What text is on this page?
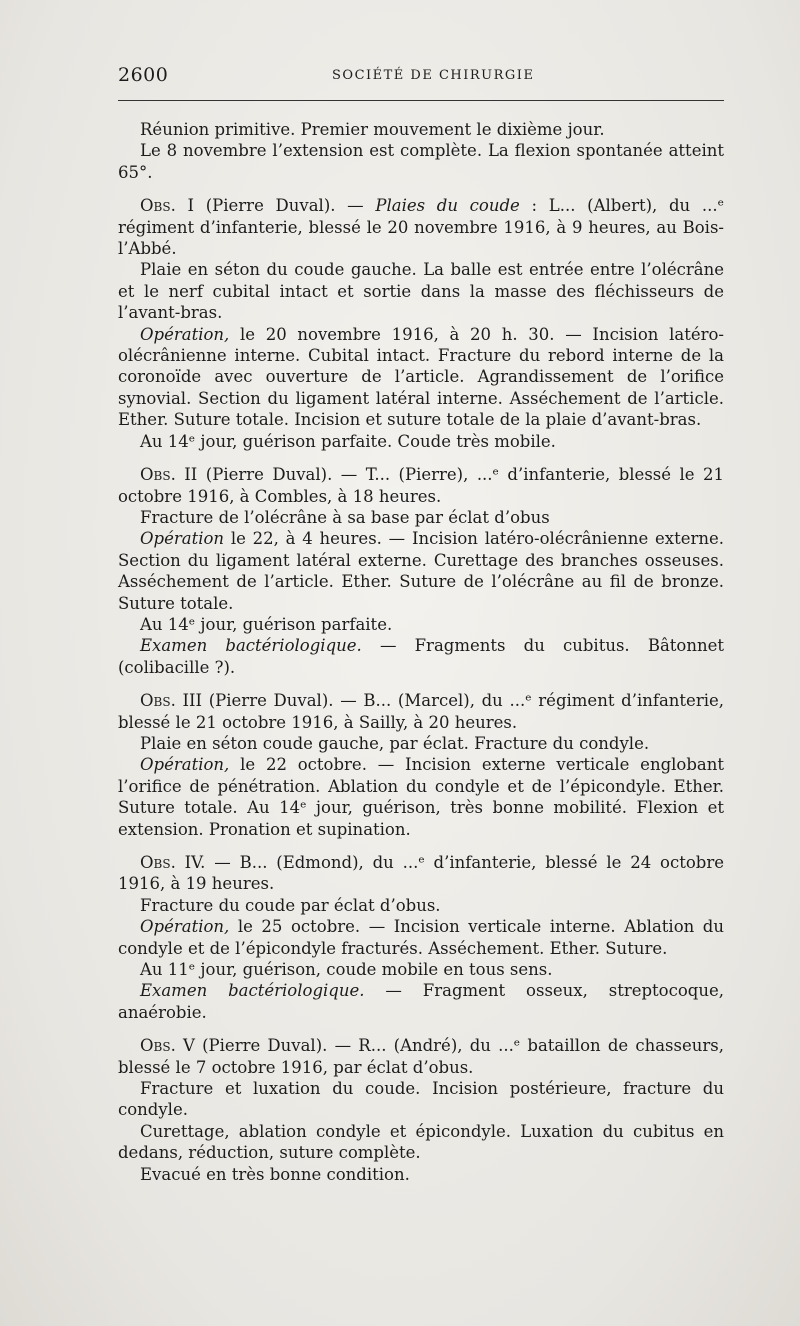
2600	SOCIÉTÉ DE CHIRURGIE

Réunion primitive. Premier mouvement le dixième jour.

Le 8 novembre l’extension est complète. La flexion spontanée atteint 65°.

Obs. I (Pierre Duval). — Plaies du coude : L... (Albert), du ...ᵉ régiment d’infanterie, blessé le 20 novembre 1916, à 9 heures, au Bois-l’Abbé.

Plaie en séton du coude gauche. La balle est entrée entre l’olécrâne et le nerf cubital intact et sortie dans la masse des fléchisseurs de l’avant-bras.

Opération, le 20 novembre 1916, à 20 h. 30. — Incision latéro-olécrânienne interne. Cubital intact. Fracture du rebord interne de la coronoïde avec ouverture de l’article. Agrandissement de l’orifice synovial. Section du ligament latéral interne. Asséchement de l’article. Ether. Suture totale. Incision et suture totale de la plaie d’avant-bras.

Au 14ᵉ jour, guérison parfaite. Coude très mobile.

Obs. II (Pierre Duval). — T... (Pierre), ...ᵉ d’infanterie, blessé le 21 octobre 1916, à Combles, à 18 heures.

Fracture de l’olécrâne à sa base par éclat d’obus

Opération le 22, à 4 heures. — Incision latéro-olécrânienne externe. Section du ligament latéral externe. Curettage des branches osseuses. Asséchement de l’article. Ether. Suture de l’olécrâne au fil de bronze. Suture totale.

Au 14ᵉ jour, guérison parfaite.

Examen bactériologique. — Fragments du cubitus. Bâtonnet (colibacille ?).

Obs. III (Pierre Duval). — B... (Marcel), du ...ᵉ régiment d’infanterie, blessé le 21 octobre 1916, à Sailly, à 20 heures.

Plaie en séton coude gauche, par éclat. Fracture du condyle.

Opération, le 22 octobre. — Incision externe verticale englobant l’orifice de pénétration. Ablation du condyle et de l’épicondyle. Ether. Suture totale. Au 14ᵉ jour, guérison, très bonne mobilité. Flexion et extension. Pronation et supination.

Obs. IV. — B... (Edmond), du ...ᵉ d’infanterie, blessé le 24 octobre 1916, à 19 heures.

Fracture du coude par éclat d’obus.

Opération, le 25 octobre. — Incision verticale interne. Ablation du condyle et de l’épicondyle fracturés. Asséchement. Ether. Suture.

Au 11ᵉ jour, guérison, coude mobile en tous sens.

Examen bactériologique. — Fragment osseux, streptocoque, anaérobie.

Obs. V (Pierre Duval). — R... (André), du ...ᵉ bataillon de chasseurs, blessé le 7 octobre 1916, par éclat d’obus.

Fracture et luxation du coude. Incision postérieure, fracture du condyle.

Curettage, ablation condyle et épicondyle. Luxation du cubitus en dedans, réduction, suture complète.

Evacué en très bonne condition.
